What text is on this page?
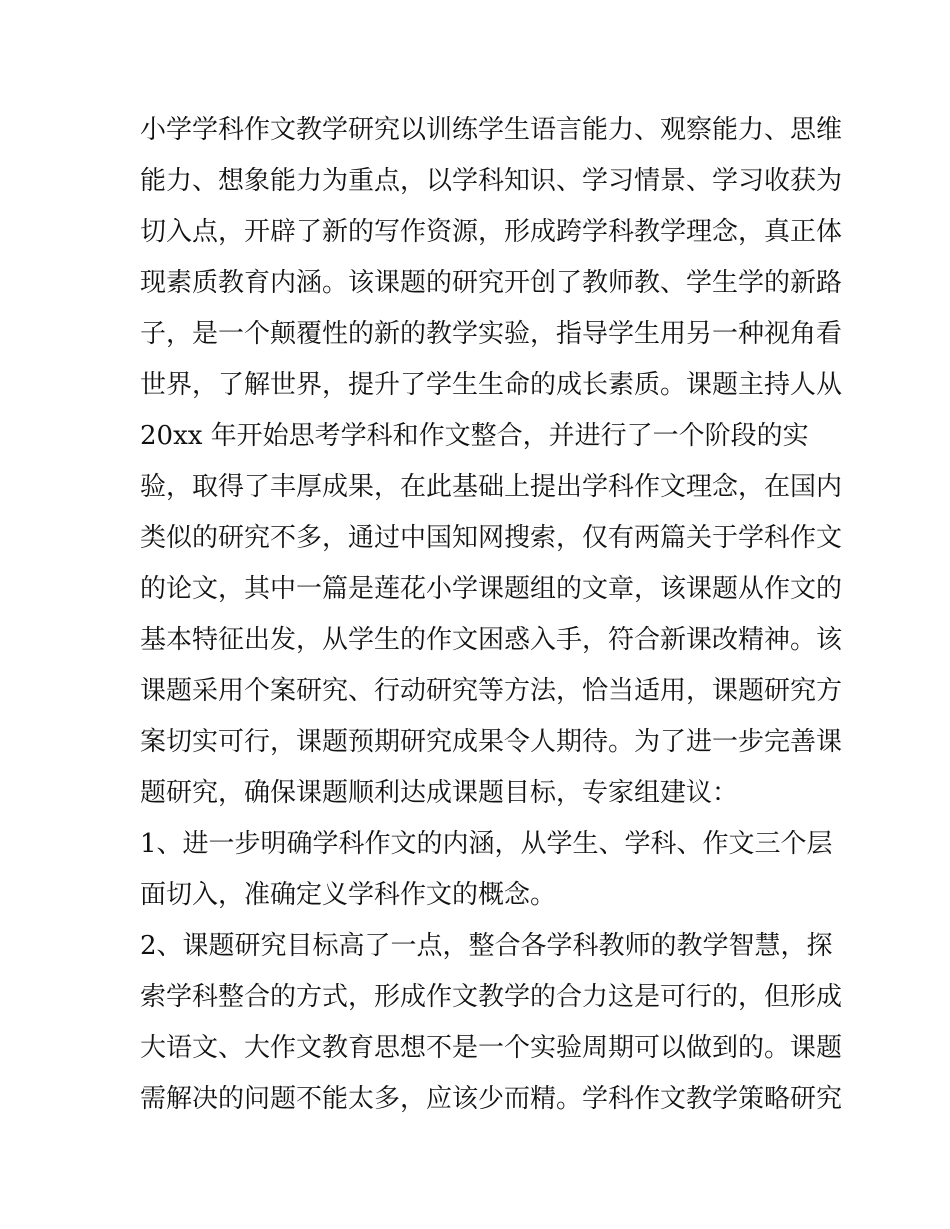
小学学科作文教学研究以训练学生语言能力、观察能力、思维
能力、想象能力为重点，以学科知识、学习情景、学习收获为
切入点，开辟了新的写作资源，形成跨学科教学理念，真正体
现素质教育内涵。该课题的研究开创了教师教、学生学的新路
子，是一个颠覆性的新的教学实验，指导学生用另一种视角看
世界，了解世界，提升了学生生命的成长素质。课题主持人从
20xx 年开始思考学科和作文整合，并进行了一个阶段的实
验，取得了丰厚成果，在此基础上提出学科作文理念，在国内
类似的研究不多，通过中国知网搜索，仅有两篇关于学科作文
的论文，其中一篇是莲花小学课题组的文章，该课题从作文的
基本特征出发，从学生的作文困惑入手，符合新课改精神。该
课题采用个案研究、行动研究等方法，恰当适用，课题研究方
案切实可行，课题预期研究成果令人期待。为了进一步完善课
题研究，确保课题顺利达成课题目标，专家组建议：
1、进一步明确学科作文的内涵，从学生、学科、作文三个层
面切入，准确定义学科作文的概念。
2、课题研究目标高了一点，整合各学科教师的教学智慧，探
索学科整合的方式，形成作文教学的合力这是可行的，但形成
大语文、大作文教育思想不是一个实验周期可以做到的。课题
需解决的问题不能太多，应该少而精。学科作文教学策略研究
